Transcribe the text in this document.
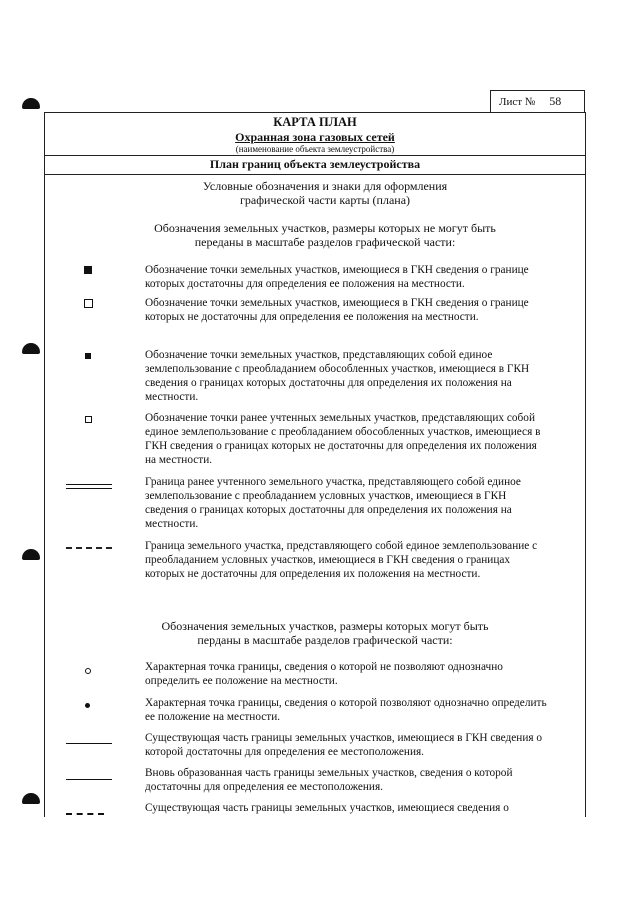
Лист № 58
КАРТА ПЛАН
Охранная зона газовых сетей
(наименование объекта землеустройства)
План границ объекта землеустройства
Условные обозначения и знаки для оформления
графической части карты (плана)
Обозначения земельных участков, размеры которых не могут быть
переданы в масштабе разделов графической части:
Обозначение точки земельных участков, имеющиеся в ГКН сведения о границе которых достаточны для определения ее положения на местности.
Обозначение точки земельных участков, имеющиеся в ГКН сведения о границе которых не достаточны для определения ее положения на местности.
Обозначение точки земельных участков, представляющих собой единое землепользование с преобладанием обособленных участков, имеющиеся в ГКН сведения о границах которых достаточны для определения их положения на местности.
Обозначение точки ранее учтенных земельных участков, представляющих собой единое землепользование с преобладанием обособленных участков, имеющиеся в ГКН сведения о границах которых не достаточны для определения их положения на местности.
Граница ранее учтенного земельного участка, представляющего собой единое землепользование с преобладанием условных участков, имеющиеся в ГКН сведения о границах которых достаточны для определения их положения на местности.
Граница земельного участка, представляющего собой единое землепользование с преобладанием условных участков, имеющиеся в ГКН сведения о границах которых не достаточны для определения их положения на местности.
Обозначения земельных участков, размеры которых могут быть
перданы в масштабе разделов графической части:
Характерная точка границы, сведения о которой не позволяют однозначно определить ее положение на местности.
Характерная точка границы, сведения о которой позволяют однозначно определить ее положение на местности.
Существующая часть границы земельных участков, имеющиеся в ГКН сведения о которой достаточны для определения ее местоположения.
Вновь образованная часть границы земельных участков, сведения о которой достаточны для определения ее местоположения.
Существующая часть границы земельных участков, имеющиеся сведения о
